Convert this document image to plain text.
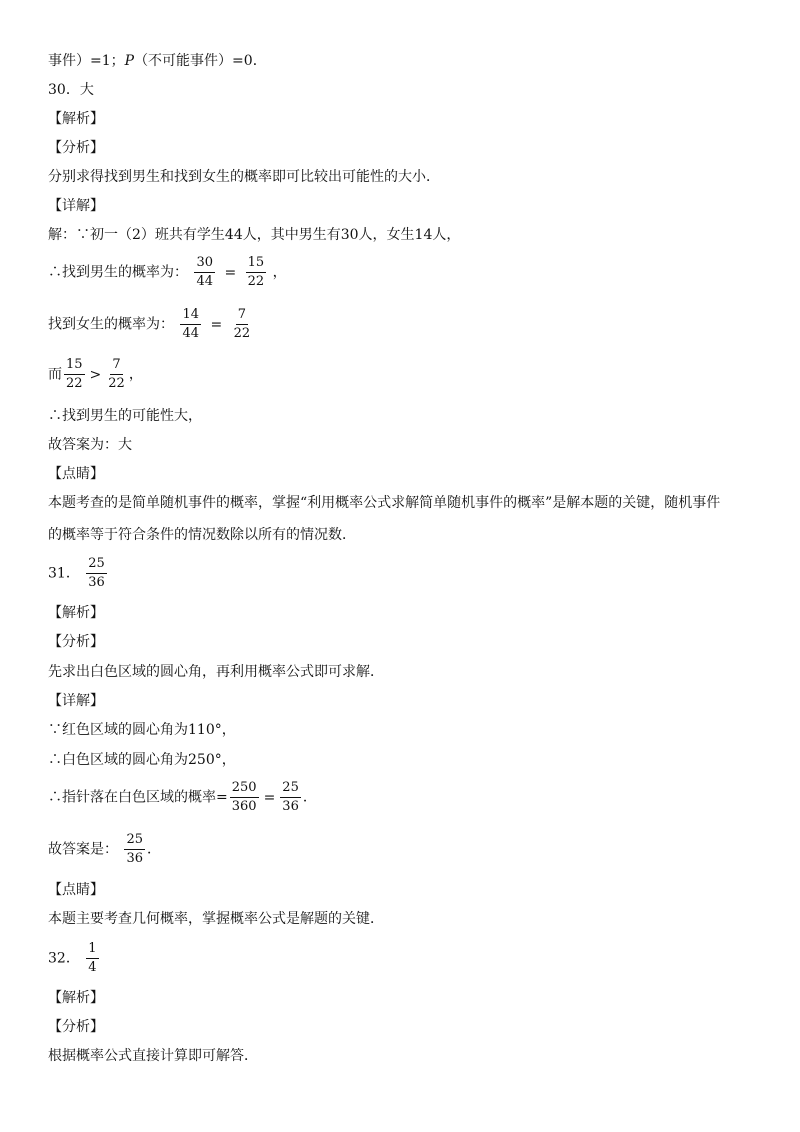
事件）=1；P（不可能事件）=0．
30．大
【解析】
【分析】
分别求得找到男生和找到女生的概率即可比较出可能性的大小．
【详解】
解：∵初一（2）班共有学生44人，其中男生有30人，女生14人，
∴找到男生的概率为： $\frac{30}{44} = \frac{15}{22}$ ，
找到女生的概率为： $\frac{14}{44} = \frac{7}{22}$
而 $\frac{15}{22} > \frac{7}{22}$ ，
∴找到男生的可能性大，
故答案为：大
【点睛】
本题考查的是简单随机事件的概率，掌握“利用概率公式求解简单随机事件的概率”是解本题的关键，随机事件
的概率等于符合条件的情况数除以所有的情况数．
31． $\frac{25}{36}$
【解析】
【分析】
先求出白色区域的圆心角，再利用概率公式即可求解．
【详解】
∵红色区域的圆心角为110°，
∴白色区域的圆心角为250°，
∴指针落在白色区域的概率= $\frac{250}{360} = \frac{25}{36}$ ．
故答案是： $\frac{25}{36}$ ．
【点睛】
本题主要考查几何概率，掌握概率公式是解题的关键．
32． $\frac{1}{4}$
【解析】
【分析】
根据概率公式直接计算即可解答．
